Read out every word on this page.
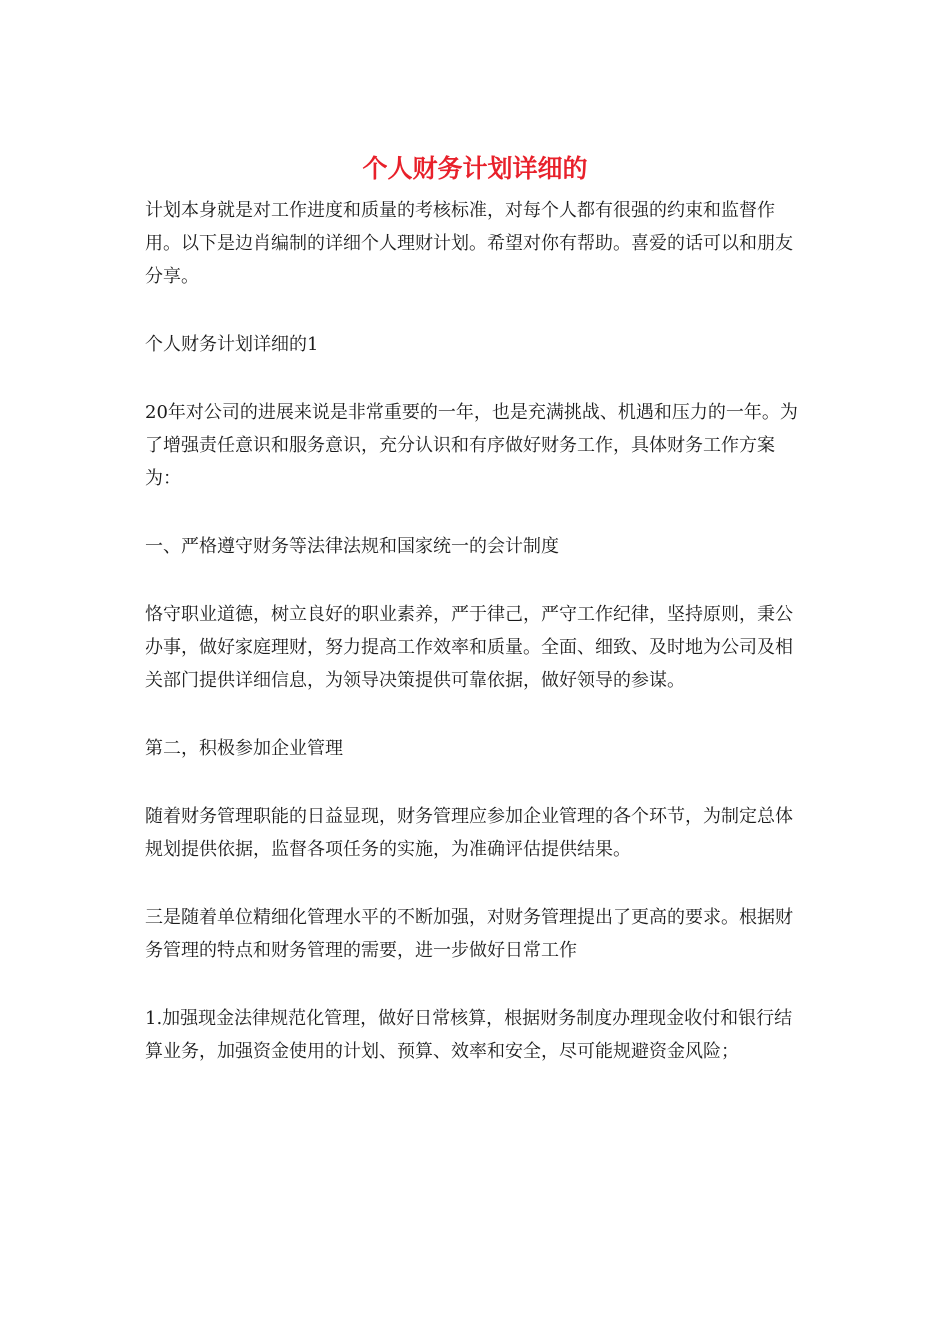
个人财务计划详细的

计划本身就是对工作进度和质量的考核标准，对每个人都有很强的约束和监督作用。以下是边肖编制的详细个人理财计划。希望对你有帮助。喜爱的话可以和朋友分享。

个人财务计划详细的1

20年对公司的进展来说是非常重要的一年，也是充满挑战、机遇和压力的一年。为了增强责任意识和服务意识，充分认识和有序做好财务工作，具体财务工作方案为：

一、严格遵守财务等法律法规和国家统一的会计制度

恪守职业道德，树立良好的职业素养，严于律己，严守工作纪律，坚持原则，秉公办事，做好家庭理财，努力提高工作效率和质量。全面、细致、及时地为公司及相关部门提供详细信息，为领导决策提供可靠依据，做好领导的参谋。

第二，积极参加企业管理

随着财务管理职能的日益显现，财务管理应参加企业管理的各个环节，为制定总体规划提供依据，监督各项任务的实施，为准确评估提供结果。

三是随着单位精细化管理水平的不断加强，对财务管理提出了更高的要求。根据财务管理的特点和财务管理的需要，进一步做好日常工作

1.加强现金法律规范化管理，做好日常核算，根据财务制度办理现金收付和银行结算业务，加强资金使用的计划、预算、效率和安全，尽可能规避资金风险；
